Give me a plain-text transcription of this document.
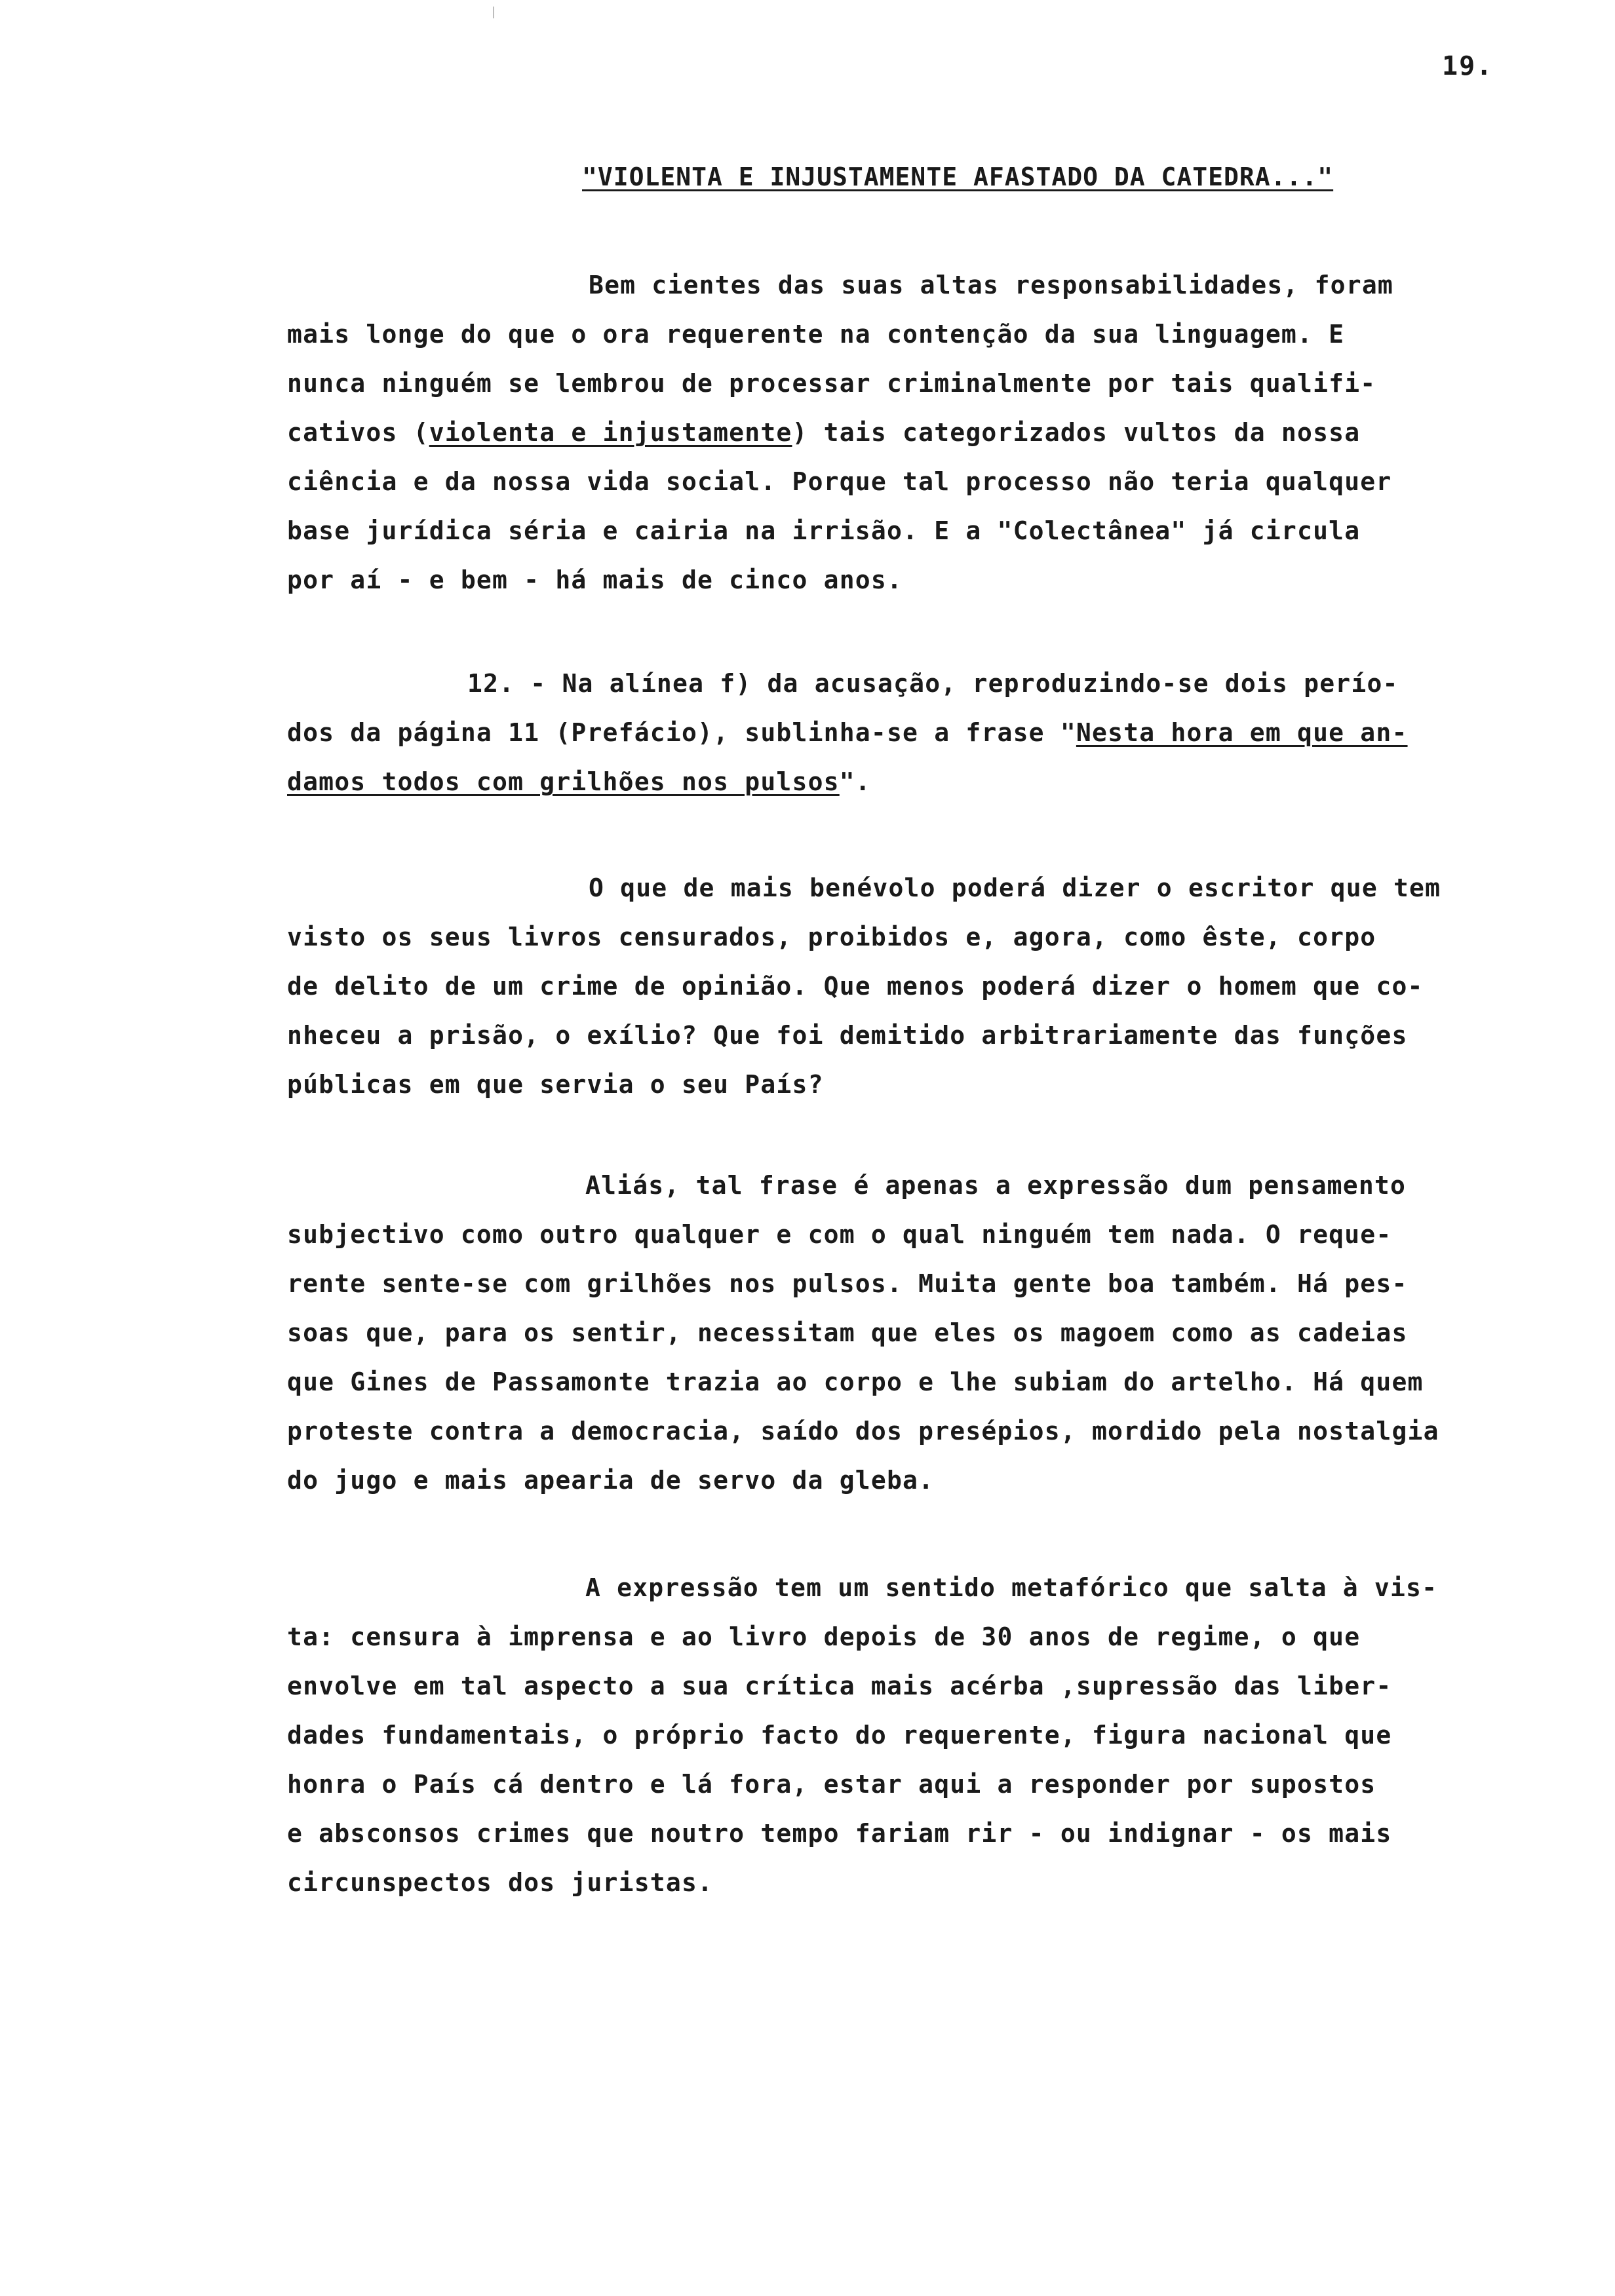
19.
"VIOLENTA E INJUSTAMENTE AFASTADO DA CATEDRA..."
Bem cientes das suas altas responsabilidades, foram
mais longe do que o ora requerente na contenção da sua linguagem. E
nunca ninguém se lembrou de processar criminalmente por tais qualifi-
cativos (violenta e injustamente) tais categorizados vultos da nossa
ciência e da nossa vida social. Porque tal processo não teria qualquer
base jurídica séria e cairia na irrisão. E a "Colectânea" já circula
por aí - e bem - há mais de cinco anos.
12. - Na alínea f) da acusação, reproduzindo-se dois perío-
dos da página 11 (Prefácio), sublinha-se a frase "Nesta hora em que an-
damos todos com grilhões nos pulsos".
O que de mais benévolo poderá dizer o escritor que tem
visto os seus livros censurados, proibidos e, agora, como êste, corpo
de delito de um crime de opinião. Que menos poderá dizer o homem que co-
nheceu a prisão, o exílio? Que foi demitido arbitrariamente das funções
públicas em que servia o seu País?
Aliás, tal frase é apenas a expressão dum pensamento
subjectivo como outro qualquer e com o qual ninguém tem nada. O reque-
rente sente-se com grilhões nos pulsos. Muita gente boa também. Há pes-
soas que, para os sentir, necessitam que eles os magoem como as cadeias
que Gines de Passamonte trazia ao corpo e lhe subiam do artelho. Há quem
proteste contra a democracia, saído dos presépios, mordido pela nostalgia
do jugo e mais apearia de servo da gleba.
A expressão tem um sentido metafórico que salta à vis-
ta: censura à imprensa e ao livro depois de 30 anos de regime, o que
envolve em tal aspecto a sua crítica mais acérba ,supressão das liber-
dades fundamentais, o próprio facto do requerente, figura nacional que
honra o País cá dentro e lá fora, estar aqui a responder por supostos
e absconsos crimes que noutro tempo fariam rir - ou indignar - os mais
circunspectos dos juristas.
